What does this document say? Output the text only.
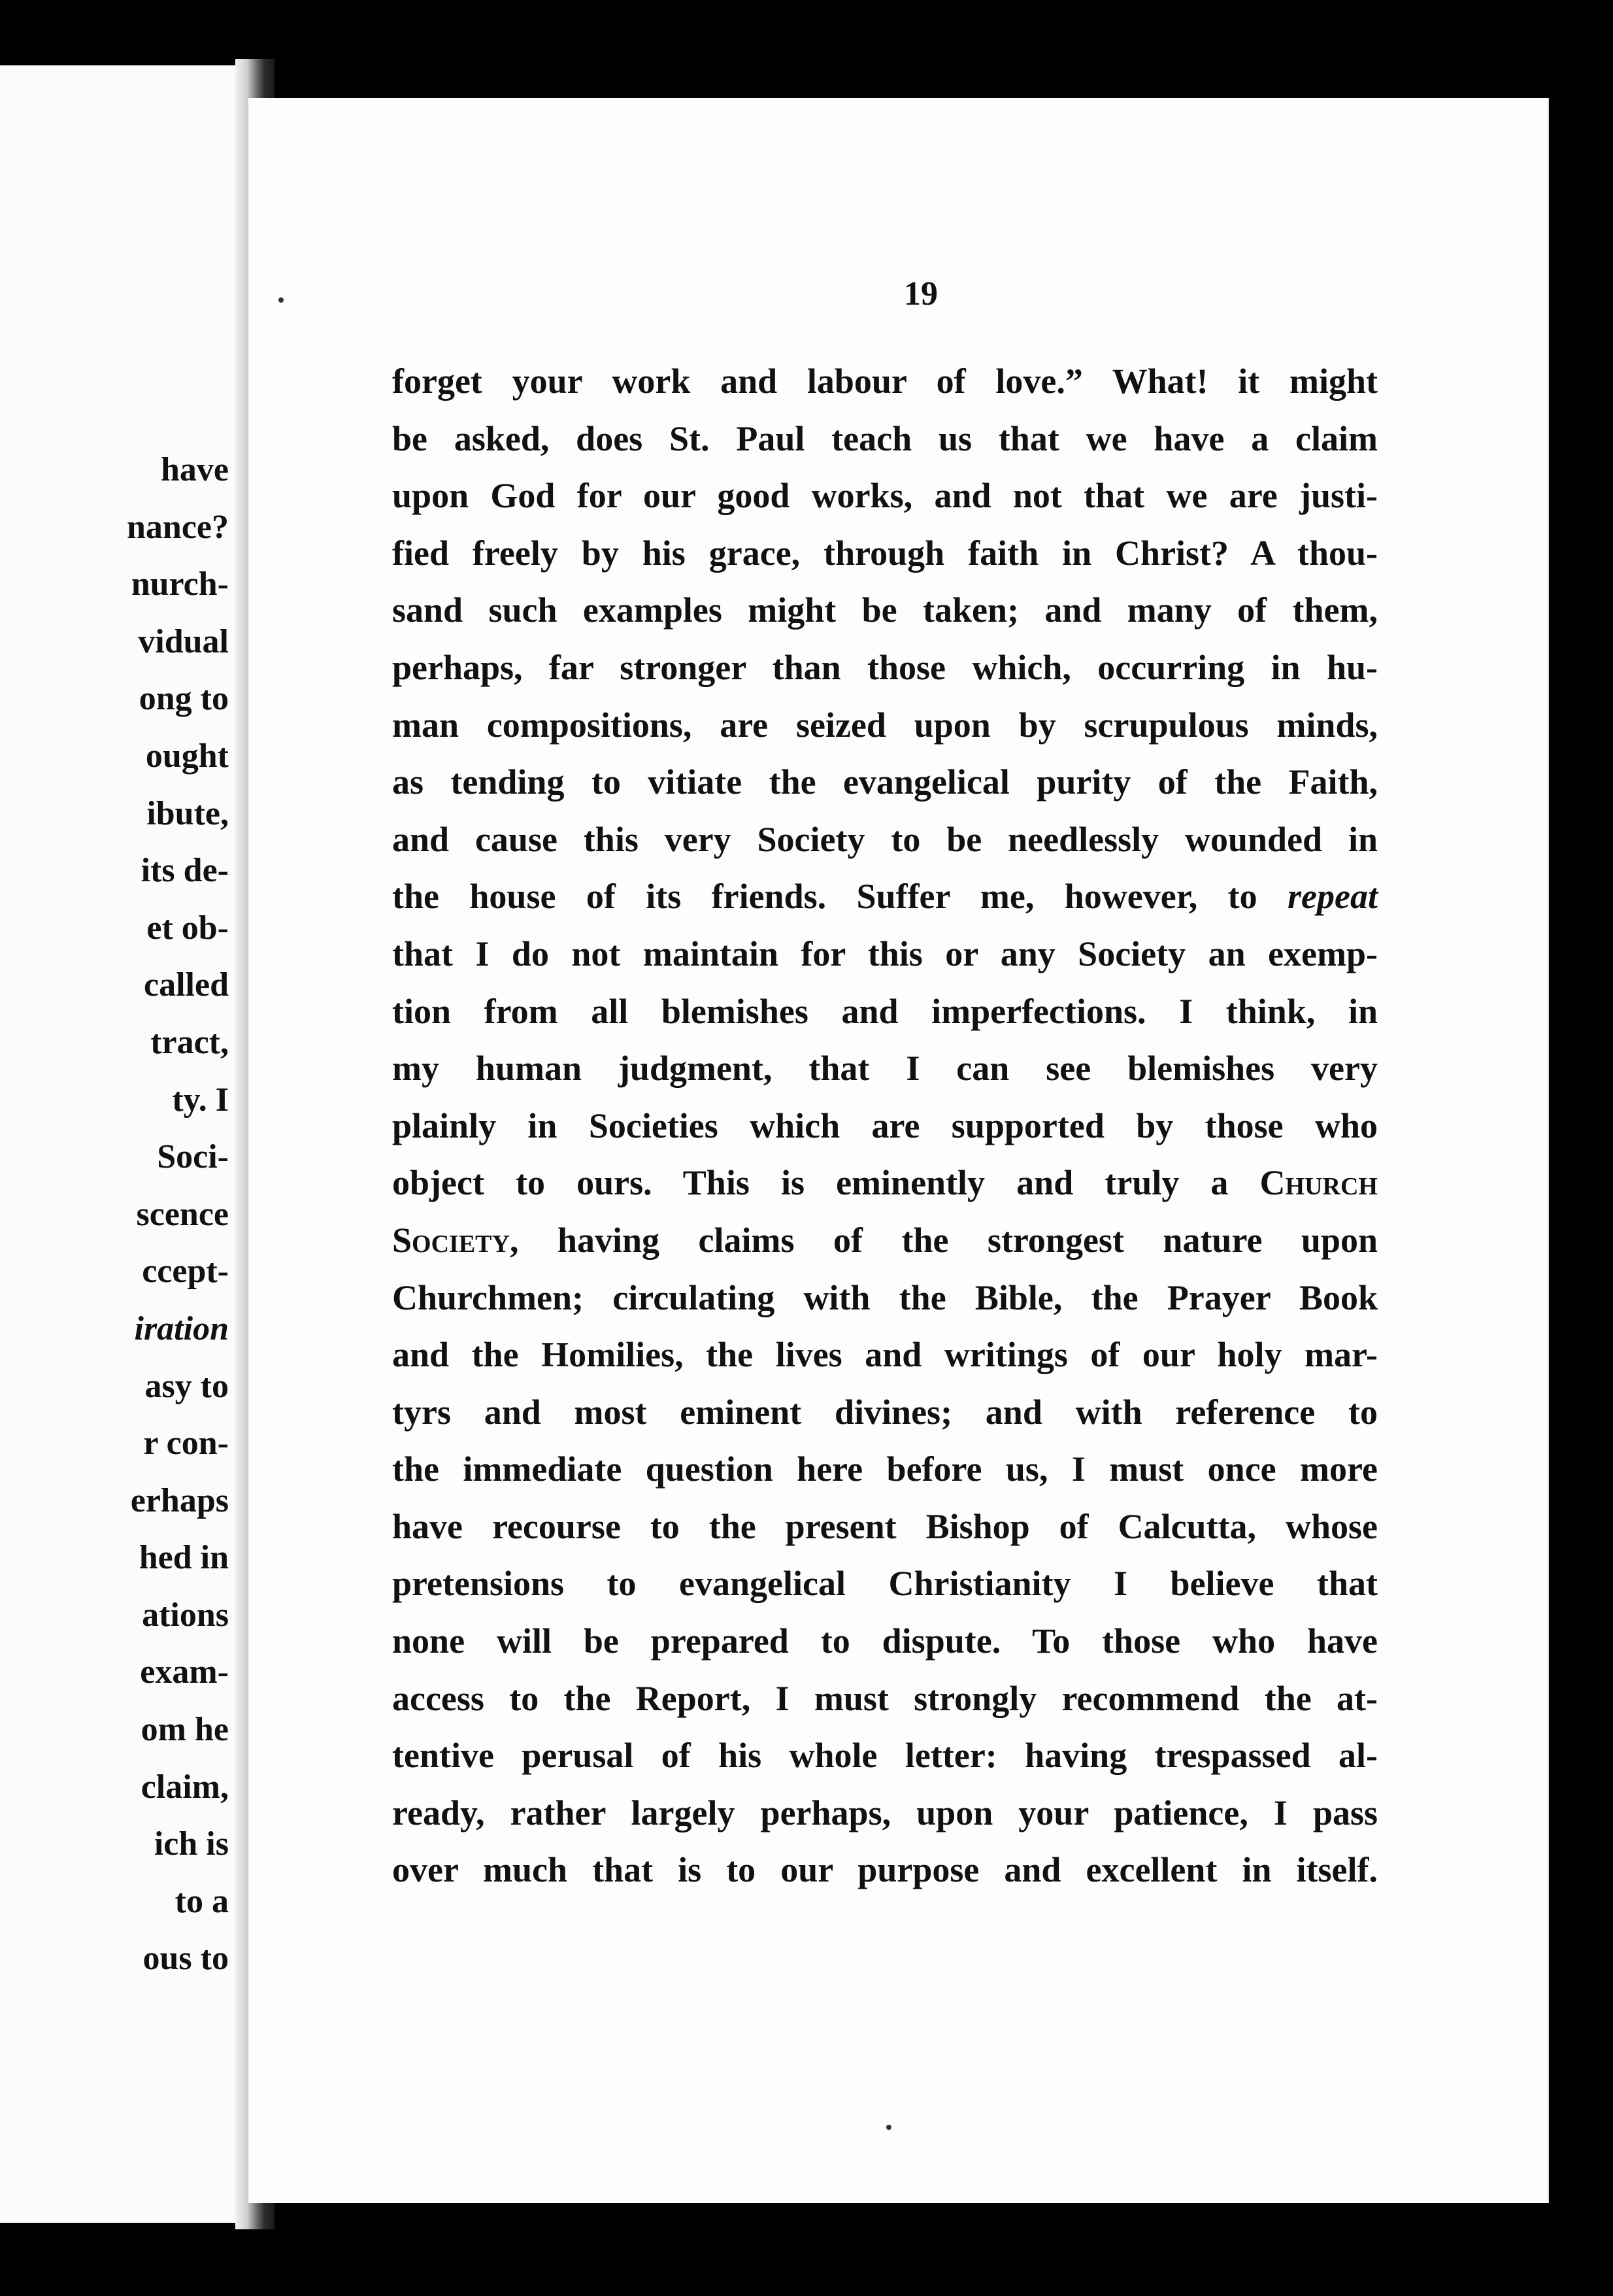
have
nance?
nurch-
vidual
ong to
ought
ibute,
its de-
et ob-
called
tract,
ty. I
Soci-
scence
ccept-
iration
asy to
r con-
erhaps
hed in
ations
exam-
om he
claim,
ich is
to a
ous to
19
forget your work and labour of love.” What! it might
be asked, does St. Paul teach us that we have a claim
upon God for our good works, and not that we are justi-
fied freely by his grace, through faith in Christ? A thou-
sand such examples might be taken; and many of them,
perhaps, far stronger than those which, occurring in hu-
man compositions, are seized upon by scrupulous minds,
as tending to vitiate the evangelical purity of the Faith,
and cause this very Society to be needlessly wounded in
the house of its friends. Suffer me, however, to repeat
that I do not maintain for this or any Society an exemp-
tion from all blemishes and imperfections. I think, in
my human judgment, that I can see blemishes very
plainly in Societies which are supported by those who
object to ours. This is eminently and truly a Church
Society, having claims of the strongest nature upon
Churchmen; circulating with the Bible, the Prayer Book
and the Homilies, the lives and writings of our holy mar-
tyrs and most eminent divines; and with reference to
the immediate question here before us, I must once more
have recourse to the present Bishop of Calcutta, whose
pretensions to evangelical Christianity I believe that
none will be prepared to dispute. To those who have
access to the Report, I must strongly recommend the at-
tentive perusal of his whole letter: having trespassed al-
ready, rather largely perhaps, upon your patience, I pass
over much that is to our purpose and excellent in itself.
